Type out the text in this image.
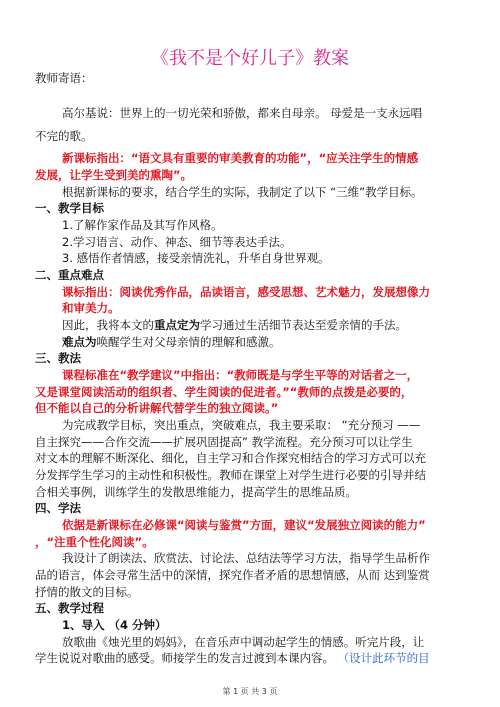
《我不是个好儿子》教案
教师寄语：
高尔基说：世界上的一切光荣和骄傲，都来自母亲。 母爱是一支永远唱
不完的歌。
新课标指出：“语文具有重要的审美教育的功能”，“应关注学生的情感
发展，让学生受到美的熏陶”。
根据新课标的要求，结合学生的实际，我制定了以下 “三维”教学目标。
一、教学目标
1.了解作家作品及其写作风格。
2.学习语言、动作、神态、细节等表达手法。
3. 感悟作者情感，接受亲情洗礼，升华自身世界观。
二、重点难点
课标指出：阅读优秀作品，品读语言，感受思想、艺术魅力，发展想像力
和审美力。
因此，我将本文的重点定为学习通过生活细节表达至爱亲情的手法。
难点为唤醒学生对父母亲情的理解和感激。
三、教法
课程标准在“教学建议”中指出：“教师既是与学生平等的对话者之一，
又是课堂阅读活动的组织者、学生阅读的促进者。”“教师的点拨是必要的，
但不能以自己的分析讲解代替学生的独立阅读。”
为完成教学目标，突出重点，突破难点，我主要采取： “充分预习 ——
自主探究——合作交流——扩展巩固提高” 教学流程。充分预习可以让学生
对文本的理解不断深化、细化，自主学习和合作探究相结合的学习方式可以充
分发挥学生学习的主动性和积极性。教师在课堂上对学生进行必要的引导并结
合相关事例，训练学生的发散思维能力，提高学生的思维品质。
四、学法
依据是新课标在必修课“阅读与鉴赏”方面，建议“发展独立阅读的能力”
，“注重个性化阅读”。
我设计了朗读法、欣赏法、讨论法、总结法等学习方法，指导学生品析作
品的语言，体会寻常生活中的深情，探究作者矛盾的思想情感，从而 达到鉴赏
抒情的散文的目标。
五、教学过程
1、导入 （4 分钟）
放歌曲《烛光里的妈妈》，在音乐声中调动起学生的情感。听完片段，让
学生说说对歌曲的感受。师接学生的发言过渡到本课内容。 （设计此环节的目
第 1 页 共 3 页
